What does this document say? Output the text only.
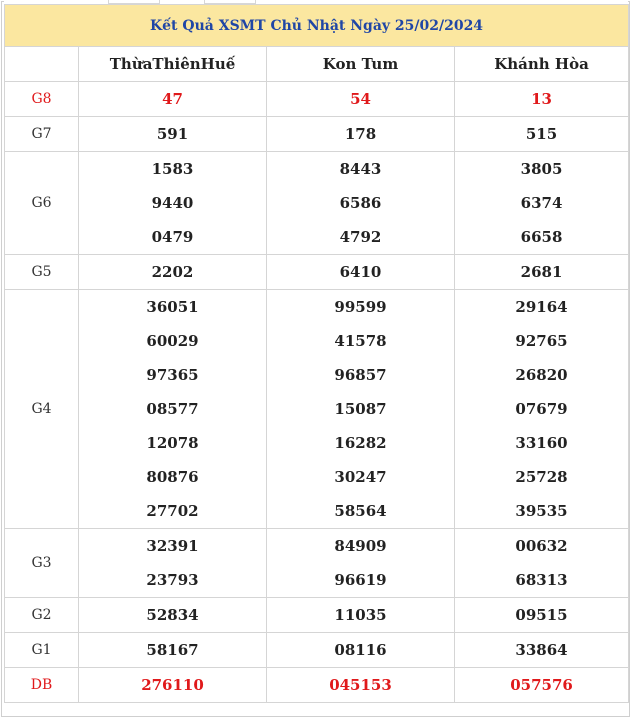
Kết Quả XSMT Chủ Nhật Ngày 25/02/2024			
	ThừaThiênHuế	Kon Tum	Khánh Hòa
G8	47	54	13
G7	591	178	515
G6	1583	8443	3805
	9440	6586	6374
	0479	4792	6658
G5	2202	6410	2681
G4	36051	99599	29164
	60029	41578	92765
	97365	96857	26820
	08577	15087	07679
	12078	16282	33160
	80876	30247	25728
	27702	58564	39535
G3	32391	84909	00632
	23793	96619	68313
G2	52834	11035	09515
G1	58167	08116	33864
DB	276110	045153	057576
